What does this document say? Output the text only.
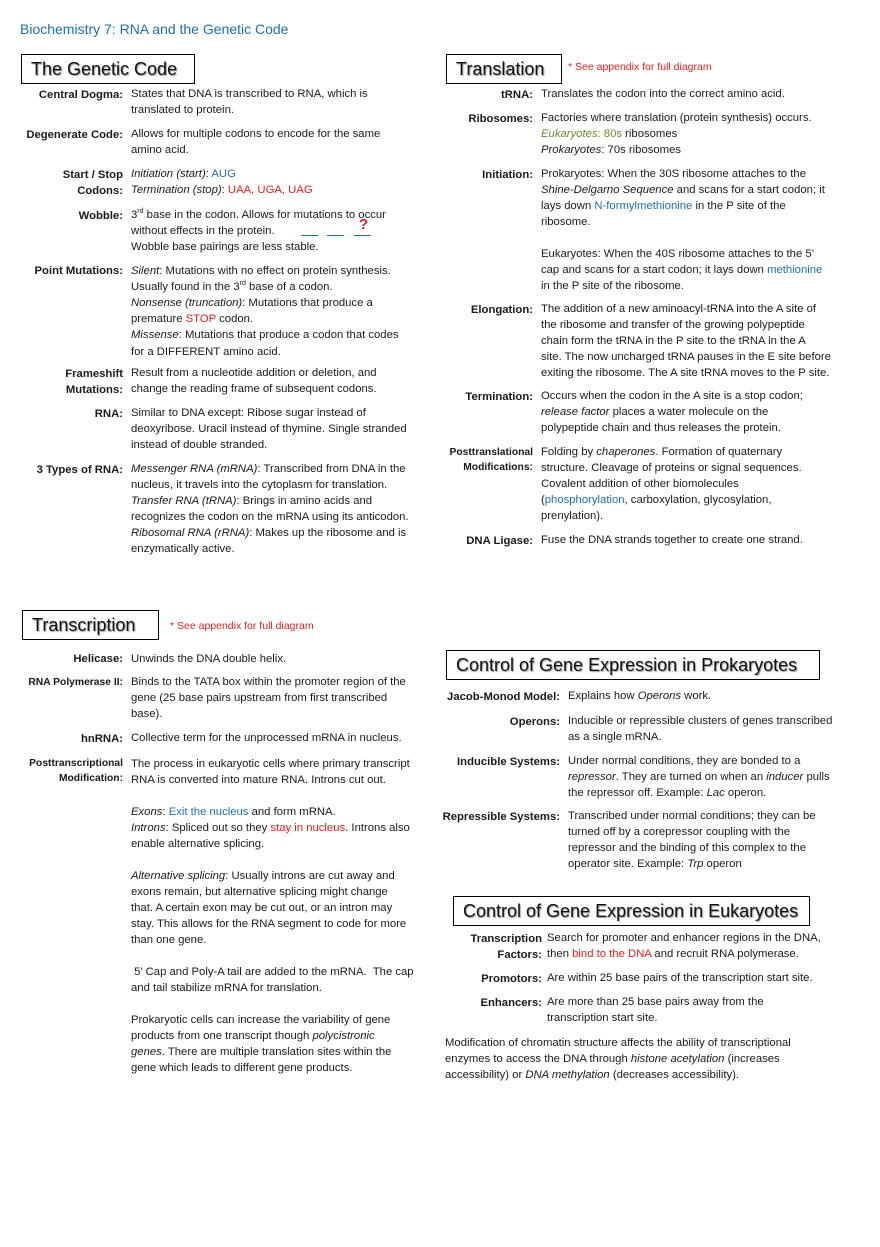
Biochemistry 7: RNA and the Genetic Code
The Genetic Code
Central Dogma: States that DNA is transcribed to RNA, which is
translated to protein.
Degenerate Code: Allows for multiple codons to encode for the same
amino acid.
Start / Stop
Codons:
Initiation (start): AUG
Termination (stop): UAA, UGA, UAG
Wobble: 3rd base in the codon. Allows for mutations to occur
without effects in the protein.
Wobble base pairings are less stable.
?
Point Mutations: Silent: Mutations with no effect on protein synthesis.
Usually found in the 3rd base of a codon.
Nonsense (truncation): Mutations that produce a
premature STOP codon.
Missense: Mutations that produce a codon that codes
for a DIFFERENT amino acid.
Frameshift
Mutations:
Result from a nucleotide addition or deletion, and
change the reading frame of subsequent codons.
RNA: Similar to DNA except: Ribose sugar instead of
deoxyribose. Uracil instead of thymine. Single stranded
instead of double stranded.
3 Types of RNA: Messenger RNA (mRNA): Transcribed from DNA in the
nucleus, it travels into the cytoplasm for translation.
Transfer RNA (tRNA): Brings in amino acids and
recognizes the codon on the mRNA using its anticodon.
Ribosomal RNA (rRNA): Makes up the ribosome and is
enzymatically active.
Translation	* See appendix for full diagram
tRNA: Translates the codon into the correct amino acid.
Ribosomes: Factories where translation (protein synthesis) occurs.
Eukaryotes: 80s ribosomes
Prokaryotes: 70s ribosomes
Initiation: Prokaryotes: When the 30S ribosome attaches to the
Shine-Delgarno Sequence and scans for a start codon; it
lays down N-formylmethionine in the P site of the
ribosome.
Eukaryotes: When the 40S ribosome attaches to the 5’
cap and scans for a start codon; it lays down methionine
in the P site of the ribosome.
Elongation: The addition of a new aminoacyl-tRNA into the A site of
the ribosome and transfer of the growing polypeptide
chain form the tRNA in the P site to the tRNA in the A
site. The now uncharged tRNA pauses in the E site before
exiting the ribosome. The A site tRNA moves to the P site.
Termination: Occurs when the codon in the A site is a stop codon;
release factor places a water molecule on the
polypeptide chain and thus releases the protein.
Posttranslational
Modifications:
Folding by chaperones. Formation of quaternary
structure. Cleavage of proteins or signal sequences.
Covalent addition of other biomolecules
(phosphorylation, carboxylation, glycosylation,
prenylation).
DNA Ligase: Fuse the DNA strands together to create one strand.
Transcription	* See appendix for full diagram
Helicase: Unwinds the DNA double helix.
RNA Polymerase II: Binds to the TATA box within the promoter region of the
gene (25 base pairs upstream from first transcribed
base).
hnRNA: Collective term for the unprocessed mRNA in nucleus.
Posttranscriptional
Modification:
The process in eukaryotic cells where primary transcript
RNA is converted into mature RNA. Introns cut out.
Exons: Exit the nucleus and form mRNA.
Introns: Spliced out so they stay in nucleus. Introns also
enable alternative splicing.
Alternative splicing: Usually introns are cut away and
exons remain, but alternative splicing might change
that. A certain exon may be cut out, or an intron may
stay. This allows for the RNA segment to code for more
than one gene.
5’ Cap and Poly-A tail are added to the mRNA.  The cap
and tail stabilize mRNA for translation.
Prokaryotic cells can increase the variability of gene
products from one transcript though polycistronic
genes. There are multiple translation sites within the
gene which leads to different gene products.
Control of Gene Expression in Prokaryotes
Jacob-Monod Model: Explains how Operons work.
Operons: Inducible or repressible clusters of genes transcribed
as a single mRNA.
Inducible Systems: Under normal conditions, they are bonded to a
repressor. They are turned on when an inducer pulls
the repressor off. Example: Lac operon.
Repressible Systems: Transcribed under normal conditions; they can be
turned off by a corepressor coupling with the
repressor and the binding of this complex to the
operator site. Example: Trp operon
Control of Gene Expression in Eukaryotes
Transcription
Factors:
Search for promoter and enhancer regions in the DNA,
then bind to the DNA and recruit RNA polymerase.
Promotors: Are within 25 base pairs of the transcription start site.
Enhancers: Are more than 25 base pairs away from the
transcription start site.
Modification of chromatin structure affects the ability of transcriptional
enzymes to access the DNA through histone acetylation (increases
accessibility) or DNA methylation (decreases accessibility).
